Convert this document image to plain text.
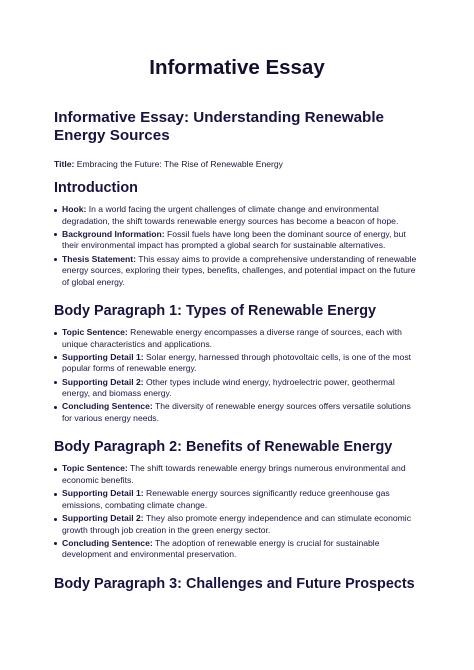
Informative Essay
Informative Essay: Understanding Renewable Energy Sources

Title: Embracing the Future: The Rise of Renewable Energy

Introduction
Hook: In a world facing the urgent challenges of climate change and environmental degradation, the shift towards renewable energy sources has become a beacon of hope.
Background Information: Fossil fuels have long been the dominant source of energy, but their environmental impact has prompted a global search for sustainable alternatives.
Thesis Statement: This essay aims to provide a comprehensive understanding of renewable energy sources, exploring their types, benefits, challenges, and potential impact on the future of global energy.
Body Paragraph 1: Types of Renewable Energy
Topic Sentence: Renewable energy encompasses a diverse range of sources, each with unique characteristics and applications.
Supporting Detail 1: Solar energy, harnessed through photovoltaic cells, is one of the most popular forms of renewable energy.
Supporting Detail 2: Other types include wind energy, hydroelectric power, geothermal energy, and biomass energy.
Concluding Sentence: The diversity of renewable energy sources offers versatile solutions for various energy needs.
Body Paragraph 2: Benefits of Renewable Energy
Topic Sentence: The shift towards renewable energy brings numerous environmental and economic benefits.
Supporting Detail 1: Renewable energy sources significantly reduce greenhouse gas emissions, combating climate change.
Supporting Detail 2: They also promote energy independence and can stimulate economic growth through job creation in the green energy sector.
Concluding Sentence: The adoption of renewable energy is crucial for sustainable development and environmental preservation.
Body Paragraph 3: Challenges and Future Prospects
